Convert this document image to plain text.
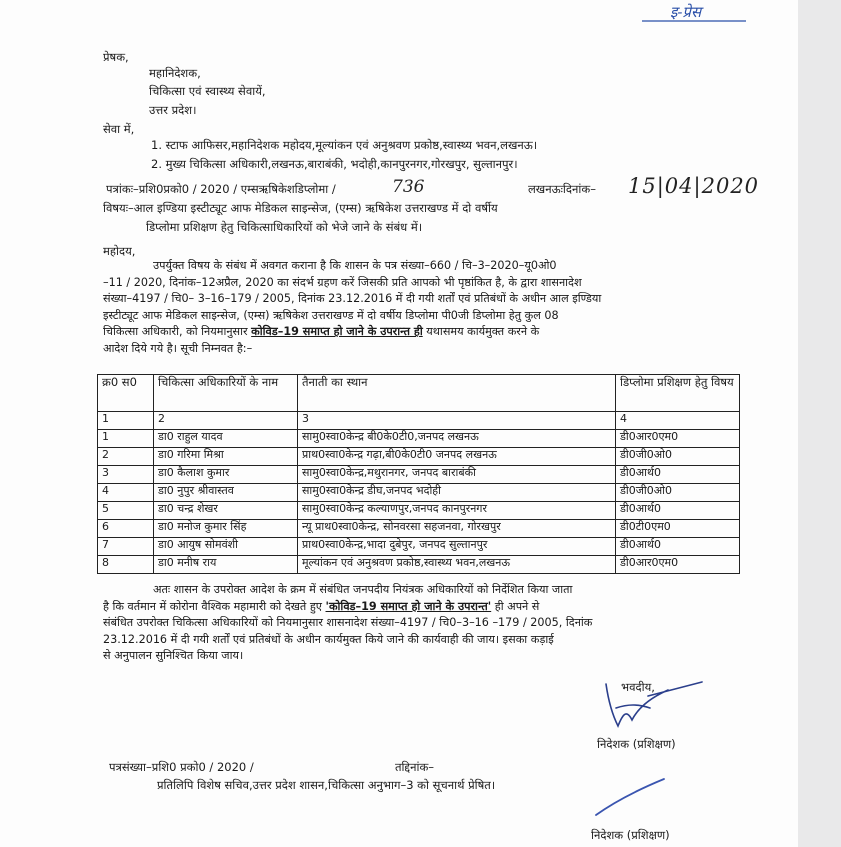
इ-प्रेस
प्रेषक,
महानिदेशक,
चिकित्सा एवं स्वास्थ्य सेवायें,
उत्तर प्रदेश।
सेवा में,
1. स्टाफ आफिसर,महानिदेशक महोदय,मूल्यांकन एवं अनुश्रवण प्रकोष्ठ,स्वास्थ्य भवन,लखनऊ।
2. मुख्य चिकित्सा अधिकारी,लखनऊ,बाराबंकी, भदोही,कानपुरनगर,गोरखपुर, सुल्तानपुर।
पत्रांकः–प्रशि0प्रको0 / 2020 / एम्सऋषिकेशडिप्लोमा /	736	लखनऊःदिनांक– 15|04|2020
विषयः–आल इण्डिया इस्टीट्यूट आफ मेडिकल साइन्सेज, (एम्स) ऋषिकेश उत्तराखण्ड में दो वर्षीय
डिप्लोमा प्रशिक्षण हेतु चिकित्साधिकारियों को भेजे जाने के संबंध में।
महोदय,
उपर्युक्त विषय के संबंध में अवगत कराना है कि शासन के पत्र संख्या–660 / चि–3–2020–यू0ओ0
–11 / 2020, दिनांक–12अप्रैल, 2020 का संदर्भ ग्रहण करें जिसकी प्रति आपको भी पृष्ठांकित है, के द्वारा शासनादेश
संख्या–4197 / चि0– 3–16–179 / 2005, दिनांक 23.12.2016 में दी गयी शर्तों एवं प्रतिबंधों के अधीन आल इण्डिया
इस्टीट्यूट आफ मेडिकल साइन्सेज, (एम्स) ऋषिकेश उत्तराखण्ड में दो वर्षीय डिप्लोमा पी0जी डिप्लोमा हेतु कुल 08
चिकित्सा अधिकारी, को नियमानुसार कोविड–19 समाप्त हो जाने के उपरान्त ही यथासमय कार्यमुक्त करने के
आदेश दिये गये है। सूची निम्नवत है:–
क्र0 स0	चिकित्सा अधिकारियों के नाम	तैनाती का स्थान	डिप्लोमा प्रशिक्षण हेतु विषय
1	2	3	4
1	डा0 राहुल यादव	सामु0स्वा0केन्द्र बी0के0टी0,जनपद लखनऊ	डी0आर0एम0
2	डा0 गरिमा मिश्रा	प्राथ0स्वा0केन्द्र गढ़ा,बी0के0टी0 जनपद लखनऊ	डी0जी0ओ0
3	डा0 कैलाश कुमार	सामु0स्वा0केन्द्र,मथुरानगर, जनपद बाराबंकी	डी0आर्थ0
4	डा0 नुपुर श्रीवास्तव	सामु0स्वा0केन्द्र डीघ,जनपद भदोही	डी0जी0ओ0
5	डा0 चन्द्र शेखर	सामु0स्वा0केन्द्र कल्याणपुर,जनपद कानपुरनगर	डी0आर्थ0
6	डा0 मनोज कुमार सिंह	न्यू प्राथ0स्वा0केन्द्र, सोनवरसा सहजनवा, गोरखपुर	डी0टी0एम0
7	डा0 आयुष सोमवंशी	प्राथ0स्वा0केन्द्र,भादा दुबेपुर, जनपद सुल्तानपुर	डी0आर्थ0
8	डा0 मनीष राय	मूल्यांकन एवं अनुश्रवण प्रकोष्ठ,स्वास्थ्य भवन,लखनऊ	डी0आर0एम0
अतः शासन के उपरोक्त आदेश के क्रम में संबंधित जनपदीय नियंत्रक अधिकारियों को निर्देशित किया जाता
है कि वर्तमान में कोरोना वैश्विक महामारी को देखते हुए 'कोविड–19 समाप्त हो जाने के उपरान्त' ही अपने से
संबंधित उपरोक्त चिकित्सा अधिकारियों को नियमानुसार शासनादेश संख्या–4197 / चि0–3–16 –179 / 2005, दिनांक
23.12.2016 में दी गयी शर्तों एवं प्रतिबंधों के अधीन कार्यमुक्त किये जाने की कार्यवाही की जाय। इसका कड़ाई
से अनुपालन सुनिश्चित किया जाय।
भवदीय,
निदेशक (प्रशिक्षण)
पत्रसंख्या–प्रशि0 प्रको0 / 2020 /	तद्दिनांक–
प्रतिलिपि विशेष सचिव,उत्तर प्रदेश शासन,चिकित्सा अनुभाग–3 को सूचनार्थ प्रेषित।
निदेशक (प्रशिक्षण)
